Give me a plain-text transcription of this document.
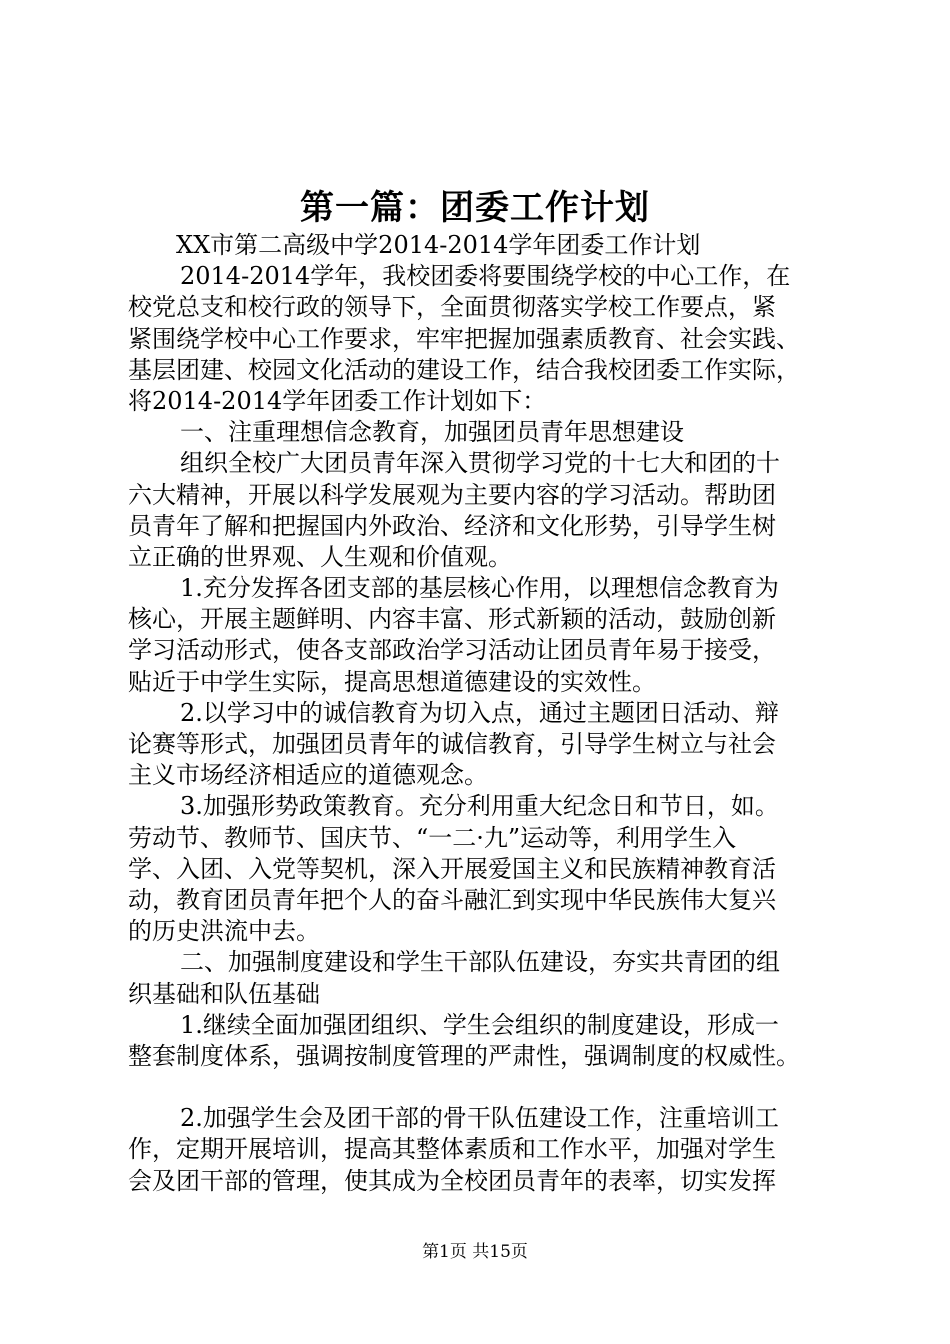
第一篇：团委工作计划
XX市第二高级中学2014-2014学年团委工作计划
2014-2014学年，我校团委将要围绕学校的中心工作，在
校党总支和校行政的领导下，全面贯彻落实学校工作要点，紧
紧围绕学校中心工作要求，牢牢把握加强素质教育、社会实践、
基层团建、校园文化活动的建设工作，结合我校团委工作实际，
将2014-2014学年团委工作计划如下：
一、注重理想信念教育，加强团员青年思想建设
组织全校广大团员青年深入贯彻学习党的十七大和团的十
六大精神，开展以科学发展观为主要内容的学习活动。帮助团
员青年了解和把握国内外政治、经济和文化形势，引导学生树
立正确的世界观、人生观和价值观。
1.充分发挥各团支部的基层核心作用，以理想信念教育为
核心，开展主题鲜明、内容丰富、形式新颖的活动，鼓励创新
学习活动形式，使各支部政治学习活动让团员青年易于接受，
贴近于中学生实际，提高思想道德建设的实效性。
2.以学习中的诚信教育为切入点，通过主题团日活动、辩
论赛等形式，加强团员青年的诚信教育，引导学生树立与社会
主义市场经济相适应的道德观念。
3.加强形势政策教育。充分利用重大纪念日和节日，如。
劳动节、教师节、国庆节、“一二·九”运动等，利用学生入
学、入团、入党等契机，深入开展爱国主义和民族精神教育活
动，教育团员青年把个人的奋斗融汇到实现中华民族伟大复兴
的历史洪流中去。
二、加强制度建设和学生干部队伍建设，夯实共青团的组
织基础和队伍基础
1.继续全面加强团组织、学生会组织的制度建设，形成一
整套制度体系，强调按制度管理的严肃性，强调制度的权威性。
2.加强学生会及团干部的骨干队伍建设工作，注重培训工
作，定期开展培训，提高其整体素质和工作水平，加强对学生
会及团干部的管理，使其成为全校团员青年的表率，切实发挥
第1页 共15页
